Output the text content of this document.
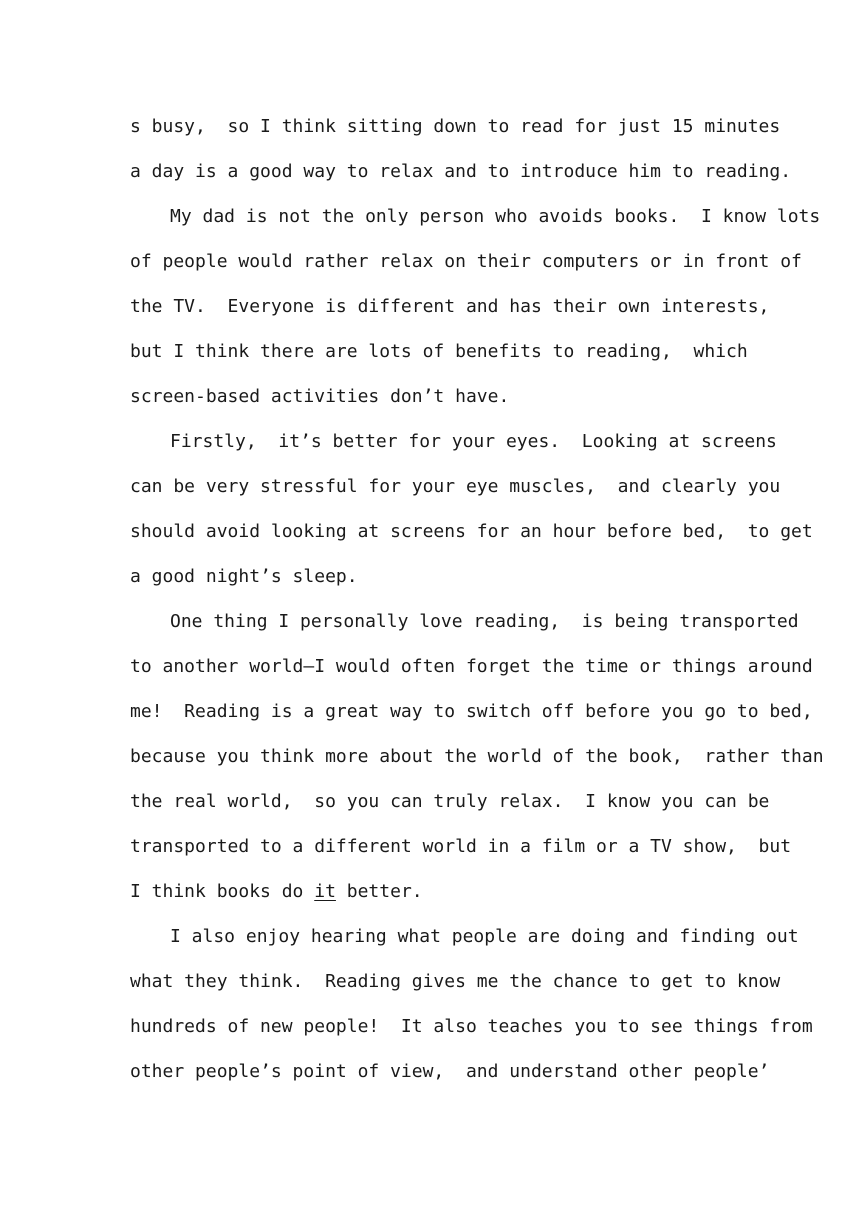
s busy,  so I think sitting down to read for just 15 minutes
a day is a good way to relax and to introduce him to reading.
My dad is not the only person who avoids books.  I know lots
of people would rather relax on their computers or in front of
the TV.  Everyone is different and has their own interests,
but I think there are lots of benefits to reading,  which
screen-based activities don’t have.
Firstly,  it’s better for your eyes.  Looking at screens
can be very stressful for your eye muscles,  and clearly you
should avoid looking at screens for an hour before bed,  to get
a good night’s sleep.
One thing I personally love reading,  is being transported
to another world—I would often forget the time or things around
me!  Reading is a great way to switch off before you go to bed,
because you think more about the world of the book,  rather than
the real world,  so you can truly relax.  I know you can be
transported to a different world in a film or a TV show,  but
I think books do it better.
I also enjoy hearing what people are doing and finding out
what they think.  Reading gives me the chance to get to know
hundreds of new people!  It also teaches you to see things from
other people’s point of view,  and understand other people’
